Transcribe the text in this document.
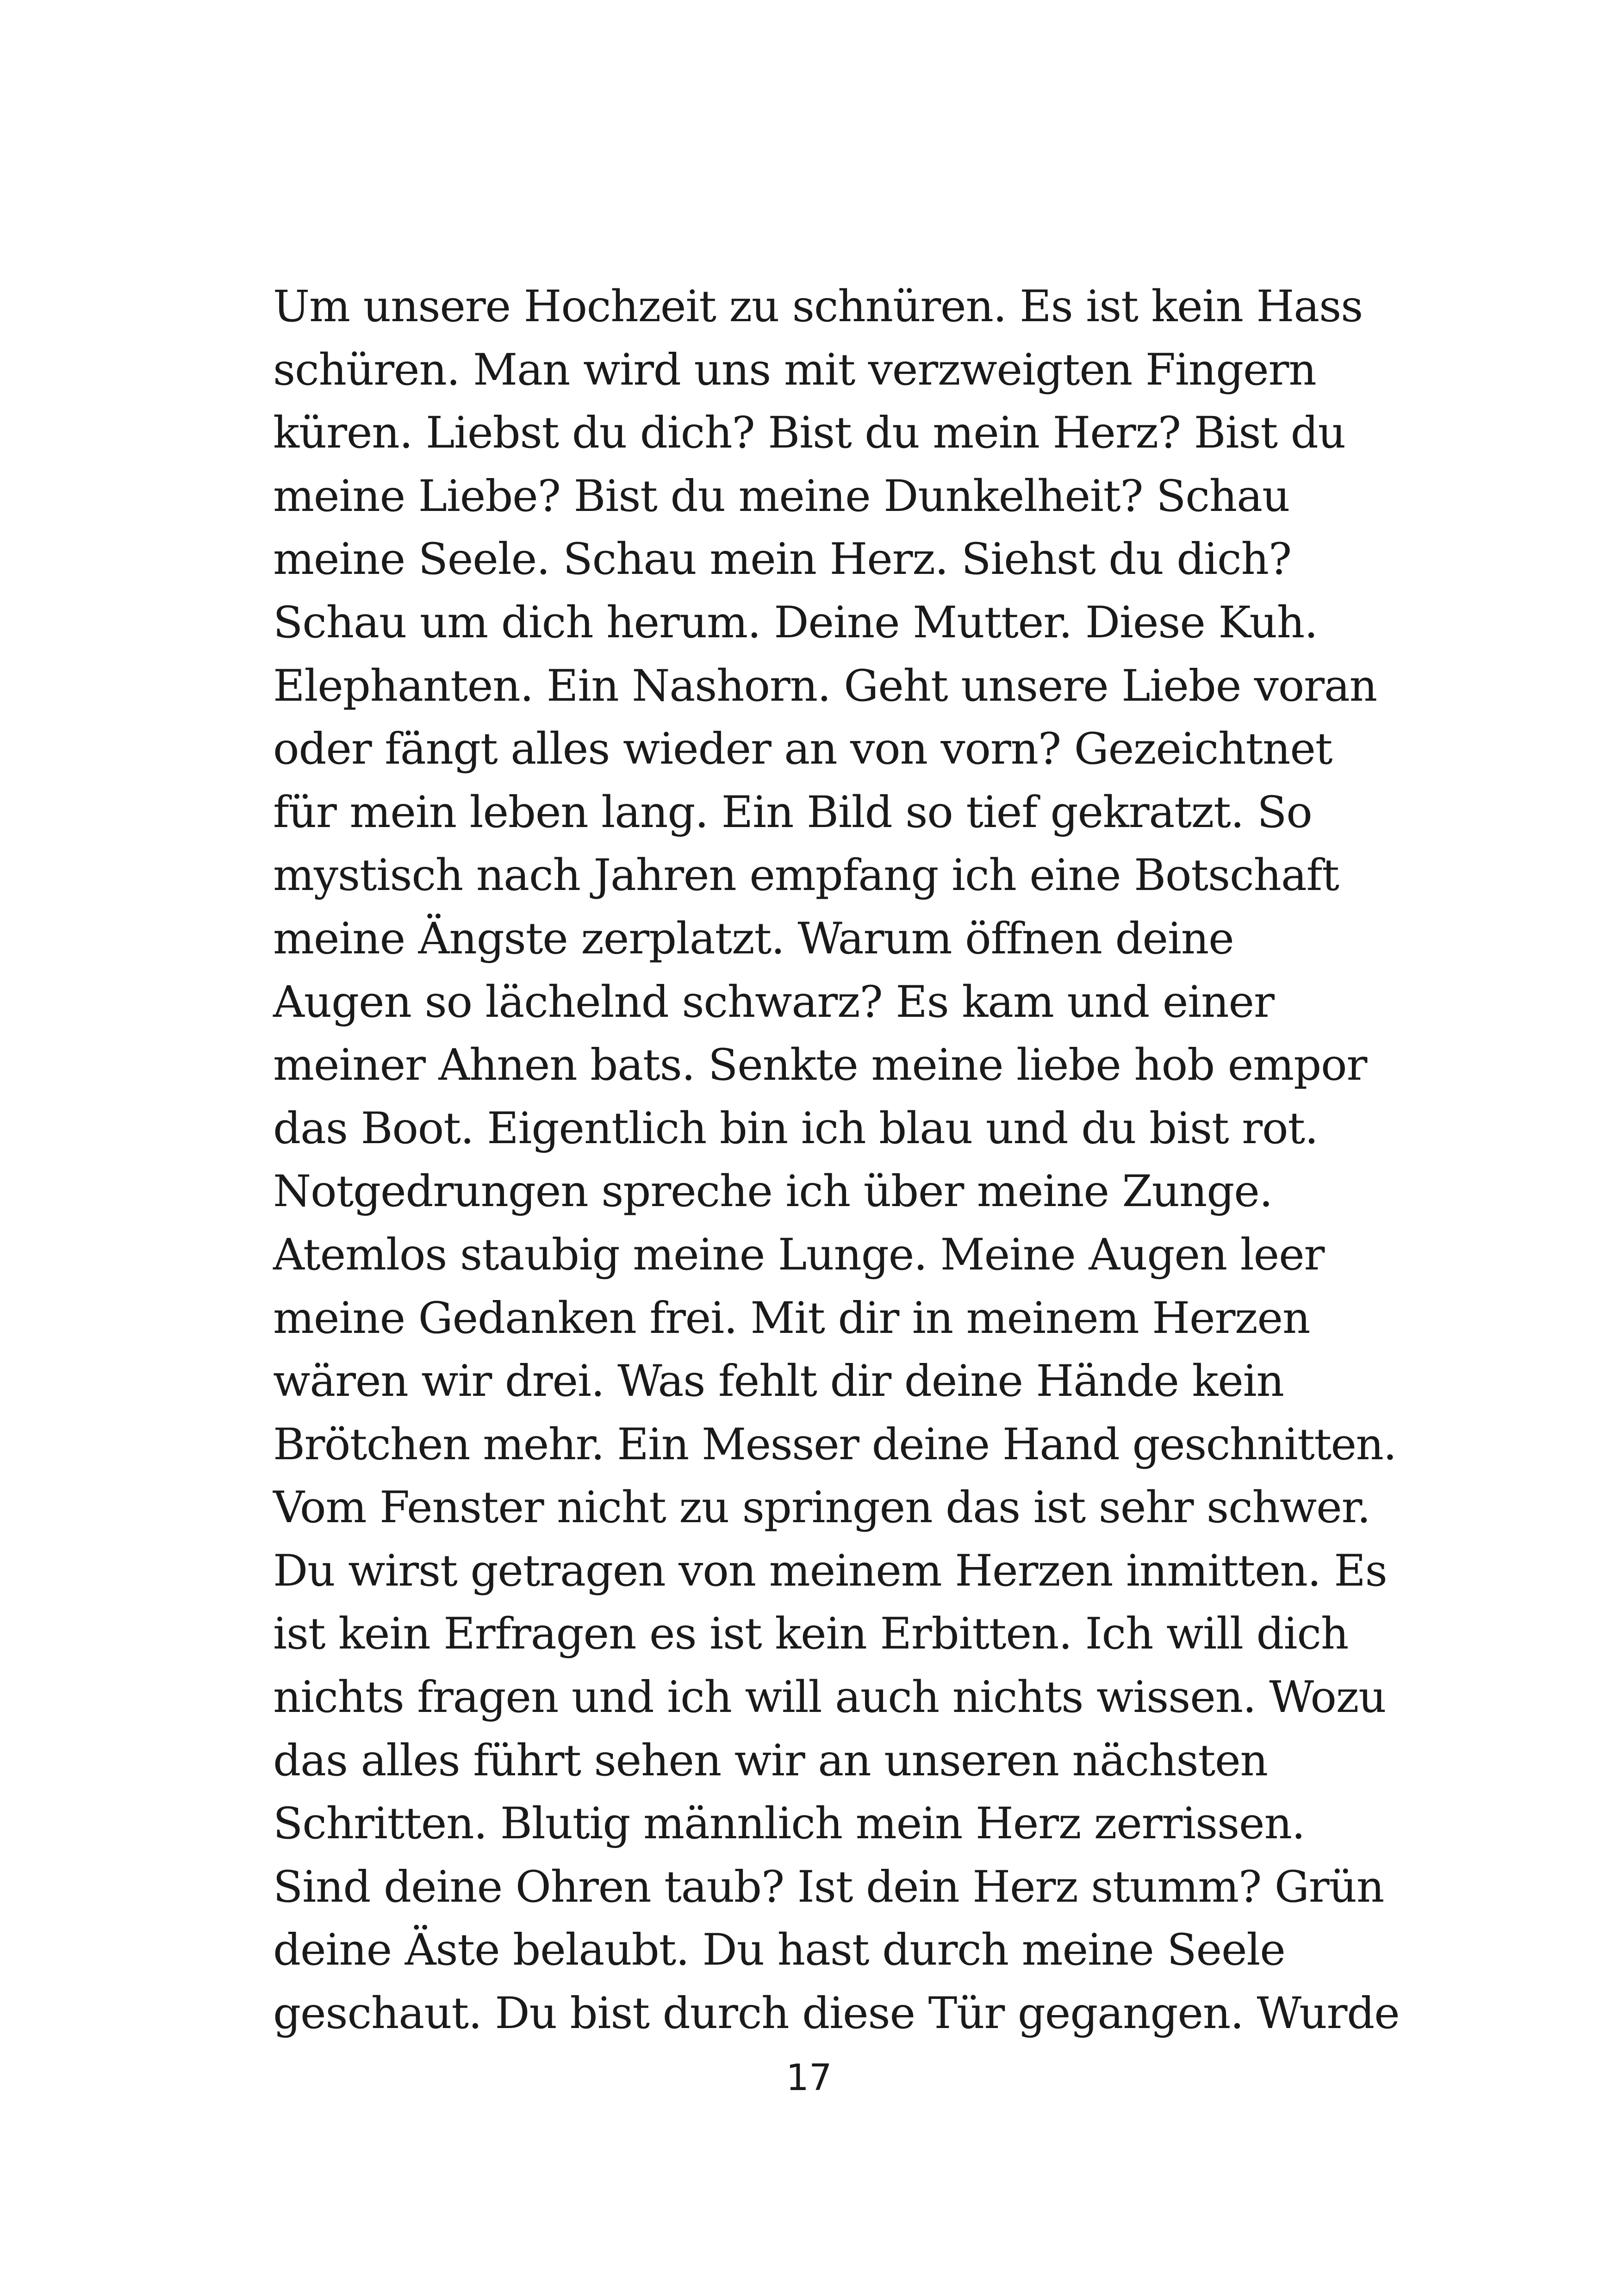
Um unsere Hochzeit zu schnüren. Es ist kein Hass
schüren. Man wird uns mit verzweigten Fingern
küren. Liebst du dich? Bist du mein Herz? Bist du
meine Liebe? Bist du meine Dunkelheit? Schau
meine Seele. Schau mein Herz. Siehst du dich?
Schau um dich herum. Deine Mutter. Diese Kuh.
Elephanten. Ein Nashorn. Geht unsere Liebe voran
oder fängt alles wieder an von vorn? Gezeichtnet
für mein leben lang. Ein Bild so tief gekratzt. So
mystisch nach Jahren empfang ich eine Botschaft
meine Ängste zerplatzt. Warum öffnen deine
Augen so lächelnd schwarz? Es kam und einer
meiner Ahnen bats. Senkte meine liebe hob empor
das Boot. Eigentlich bin ich blau und du bist rot.
Notgedrungen spreche ich über meine Zunge.
Atemlos staubig meine Lunge. Meine Augen leer
meine Gedanken frei. Mit dir in meinem Herzen
wären wir drei. Was fehlt dir deine Hände kein
Brötchen mehr. Ein Messer deine Hand geschnitten.
Vom Fenster nicht zu springen das ist sehr schwer.
Du wirst getragen von meinem Herzen inmitten. Es
ist kein Erfragen es ist kein Erbitten. Ich will dich
nichts fragen und ich will auch nichts wissen. Wozu
das alles führt sehen wir an unseren nächsten
Schritten. Blutig männlich mein Herz zerrissen.
Sind deine Ohren taub? Ist dein Herz stumm? Grün
deine Äste belaubt. Du hast durch meine Seele
geschaut. Du bist durch diese Tür gegangen. Wurde
17
